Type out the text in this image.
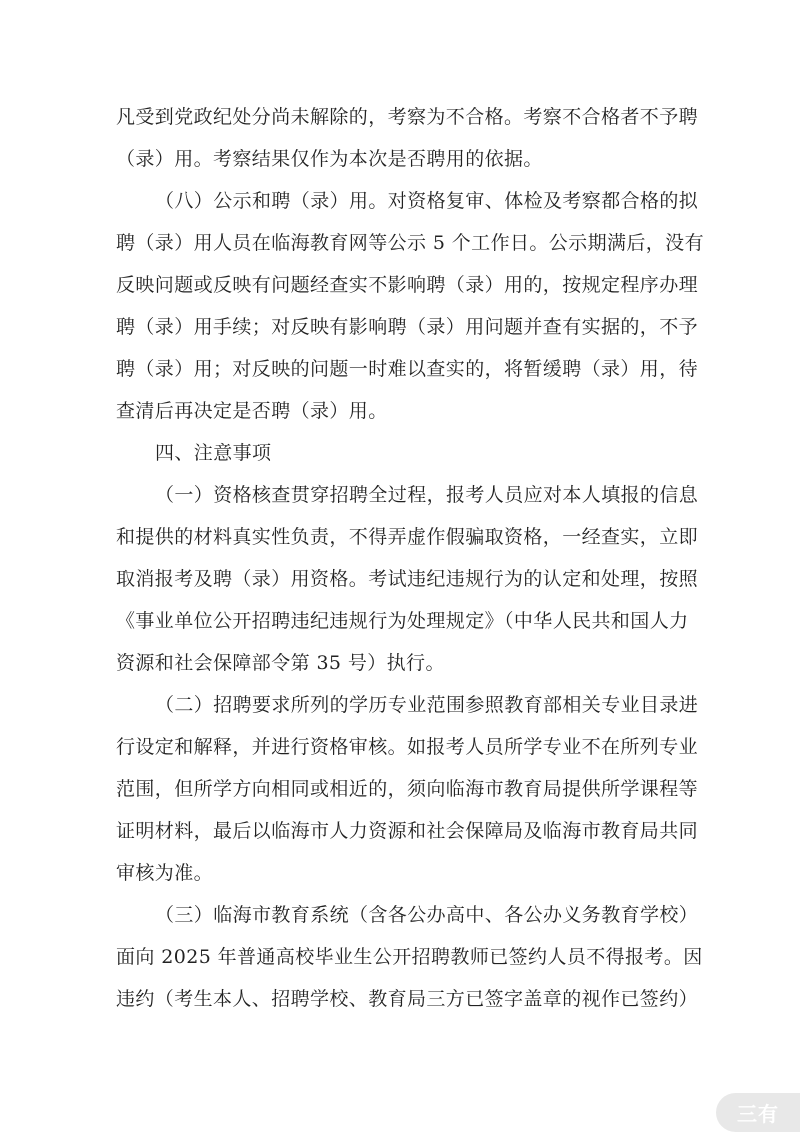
凡受到党政纪处分尚未解除的，考察为不合格。考察不合格者不予聘
（录）用。考察结果仅作为本次是否聘用的依据。
（八）公示和聘（录）用。对资格复审、体检及考察都合格的拟
聘（录）用人员在临海教育网等公示 5 个工作日。公示期满后，没有
反映问题或反映有问题经查实不影响聘（录）用的，按规定程序办理
聘（录）用手续；对反映有影响聘（录）用问题并查有实据的，不予
聘（录）用；对反映的问题一时难以查实的，将暂缓聘（录）用，待
查清后再决定是否聘（录）用。
四、注意事项
（一）资格核查贯穿招聘全过程，报考人员应对本人填报的信息
和提供的材料真实性负责，不得弄虚作假骗取资格，一经查实，立即
取消报考及聘（录）用资格。考试违纪违规行为的认定和处理，按照
《事业单位公开招聘违纪违规行为处理规定》（中华人民共和国人力
资源和社会保障部令第 35 号）执行。
（二）招聘要求所列的学历专业范围参照教育部相关专业目录进
行设定和解释，并进行资格审核。如报考人员所学专业不在所列专业
范围，但所学方向相同或相近的，须向临海市教育局提供所学课程等
证明材料，最后以临海市人力资源和社会保障局及临海市教育局共同
审核为准。
（三）临海市教育系统（含各公办高中、各公办义务教育学校）
面向 2025 年普通高校毕业生公开招聘教师已签约人员不得报考。因
违约（考生本人、招聘学校、教育局三方已签字盖章的视作已签约）
三有
